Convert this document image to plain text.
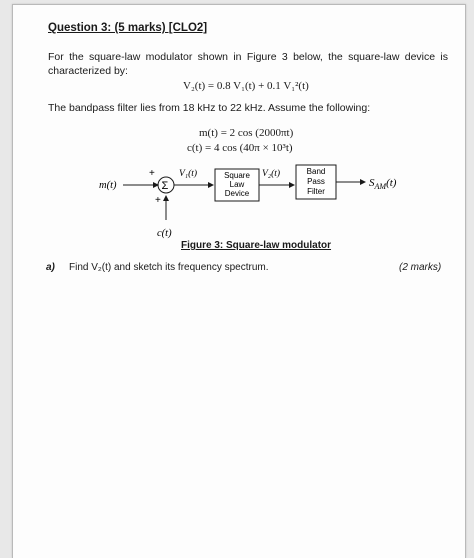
Question 3: (5 marks) [CLO2]
For the square-law modulator shown in Figure 3 below, the square-law device is characterized by:
V₂(t) = 0.8 V₁(t) + 0.1 V₁²(t)
The bandpass filter lies from 18 kHz to 22 kHz. Assume the following:
m(t) = 2 cos (2000πt)
c(t) = 4 cos (40π × 10³t)
m(t)	Σ
+
+
c(t)
V₁(t)	Square
Law
Device
V₂(t)	Band
Pass
Filter
$S_{AM}(t)$
Figure 3: Square-law modulator
a) Find V₂(t) and sketch its frequency spectrum.	(2 marks)
